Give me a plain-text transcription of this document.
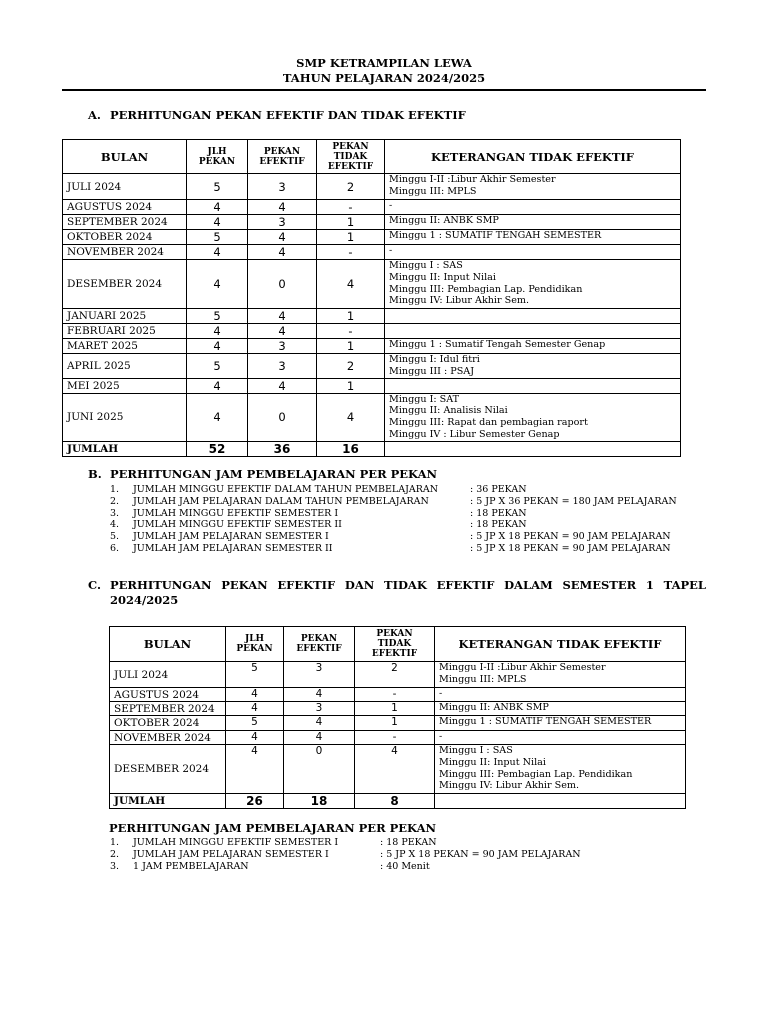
SMP KETRAMPILAN LEWA
TAHUN PELAJARAN 2024/2025
A. PERHITUNGAN PEKAN EFEKTIF DAN TIDAK EFEKTIF
BULAN	JLH PEKAN	PEKAN EFEKTIF	PEKAN TIDAK EFEKTIF	KETERANGAN TIDAK EFEKTIF
JULI 2024	5	3	2	Minggu I-II :Libur Akhir Semester
Minggu III: MPLS

AGUSTUS 2024	4	4	-	-

SEPTEMBER 2024	4	3	1	Minggu II: ANBK SMP

OKTOBER 2024	5	4	1	Minggu 1 : SUMATIF TENGAH SEMESTER

NOVEMBER 2024	4	4	-	-

DESEMBER 2024	4	0	4	Minggu I : SAS
Minggu II: Input Nilai
Minggu III: Pembagian Lap. Pendidikan
Minggu IV: Libur Akhir Sem.

JANUARI 2025	5	4	1	
FEBRUARI 2025	4	4	-	
MARET 2025	4	3	1	Minggu 1 : Sumatif Tengah Semester Genap

APRIL 2025	5	3	2	Minggu I: Idul fitri
Minggu III : PSAJ

MEI 2025	4	4	1	
JUNI 2025	4	0	4	Minggu I: SAT
Minggu II: Analisis Nilai
Minggu III: Rapat dan pembagian raport
Minggu IV : Libur Semester Genap

JUMLAH	52	36	16	
B. PERHITUNGAN JAM PEMBELAJARAN PER PEKAN
1. JUMLAH MINGGU EFEKTIF DALAM TAHUN PEMBELAJARAN	: 36 PEKAN
2. JUMLAH JAM PELAJARAN DALAM TAHUN PEMBELAJARAN	: 5 JP X 36 PEKAN = 180 JAM PELAJARAN
3. JUMLAH MINGGU EFEKTIF SEMESTER I	: 18 PEKAN
4. JUMLAH MINGGU EFEKTIF SEMESTER II	: 18 PEKAN
5. JUMLAH JAM PELAJARAN SEMESTER I	: 5 JP X 18 PEKAN = 90 JAM PELAJARAN
6. JUMLAH JAM PELAJARAN SEMESTER II	: 5 JP X 18 PEKAN = 90 JAM PELAJARAN
C. PERHITUNGAN PEKAN EFEKTIF DAN TIDAK EFEKTIF DALAM SEMESTER 1 TAPEL
2024/2025
BULAN	JLH PEKAN	PEKAN EFEKTIF	PEKAN TIDAK EFEKTIF	KETERANGAN TIDAK EFEKTIF
JULI 2024	5	3	2	Minggu I-II :Libur Akhir Semester
Minggu III: MPLS

AGUSTUS 2024	4	4	-	-

SEPTEMBER 2024	4	3	1	Minggu II: ANBK SMP

OKTOBER 2024	5	4	1	Minggu 1 : SUMATIF TENGAH SEMESTER

NOVEMBER 2024	4	4	-	-

DESEMBER 2024	4	0	4	Minggu I : SAS
Minggu II: Input Nilai
Minggu III: Pembagian Lap. Pendidikan
Minggu IV: Libur Akhir Sem.

JUMLAH	26	18	8	
PERHITUNGAN JAM PEMBELAJARAN PER PEKAN
1. JUMLAH MINGGU EFEKTIF SEMESTER I	: 18 PEKAN
2. JUMLAH JAM PELAJARAN SEMESTER I	: 5 JP X 18 PEKAN = 90 JAM PELAJARAN
3. 1 JAM PEMBELAJARAN	: 40 Menit
